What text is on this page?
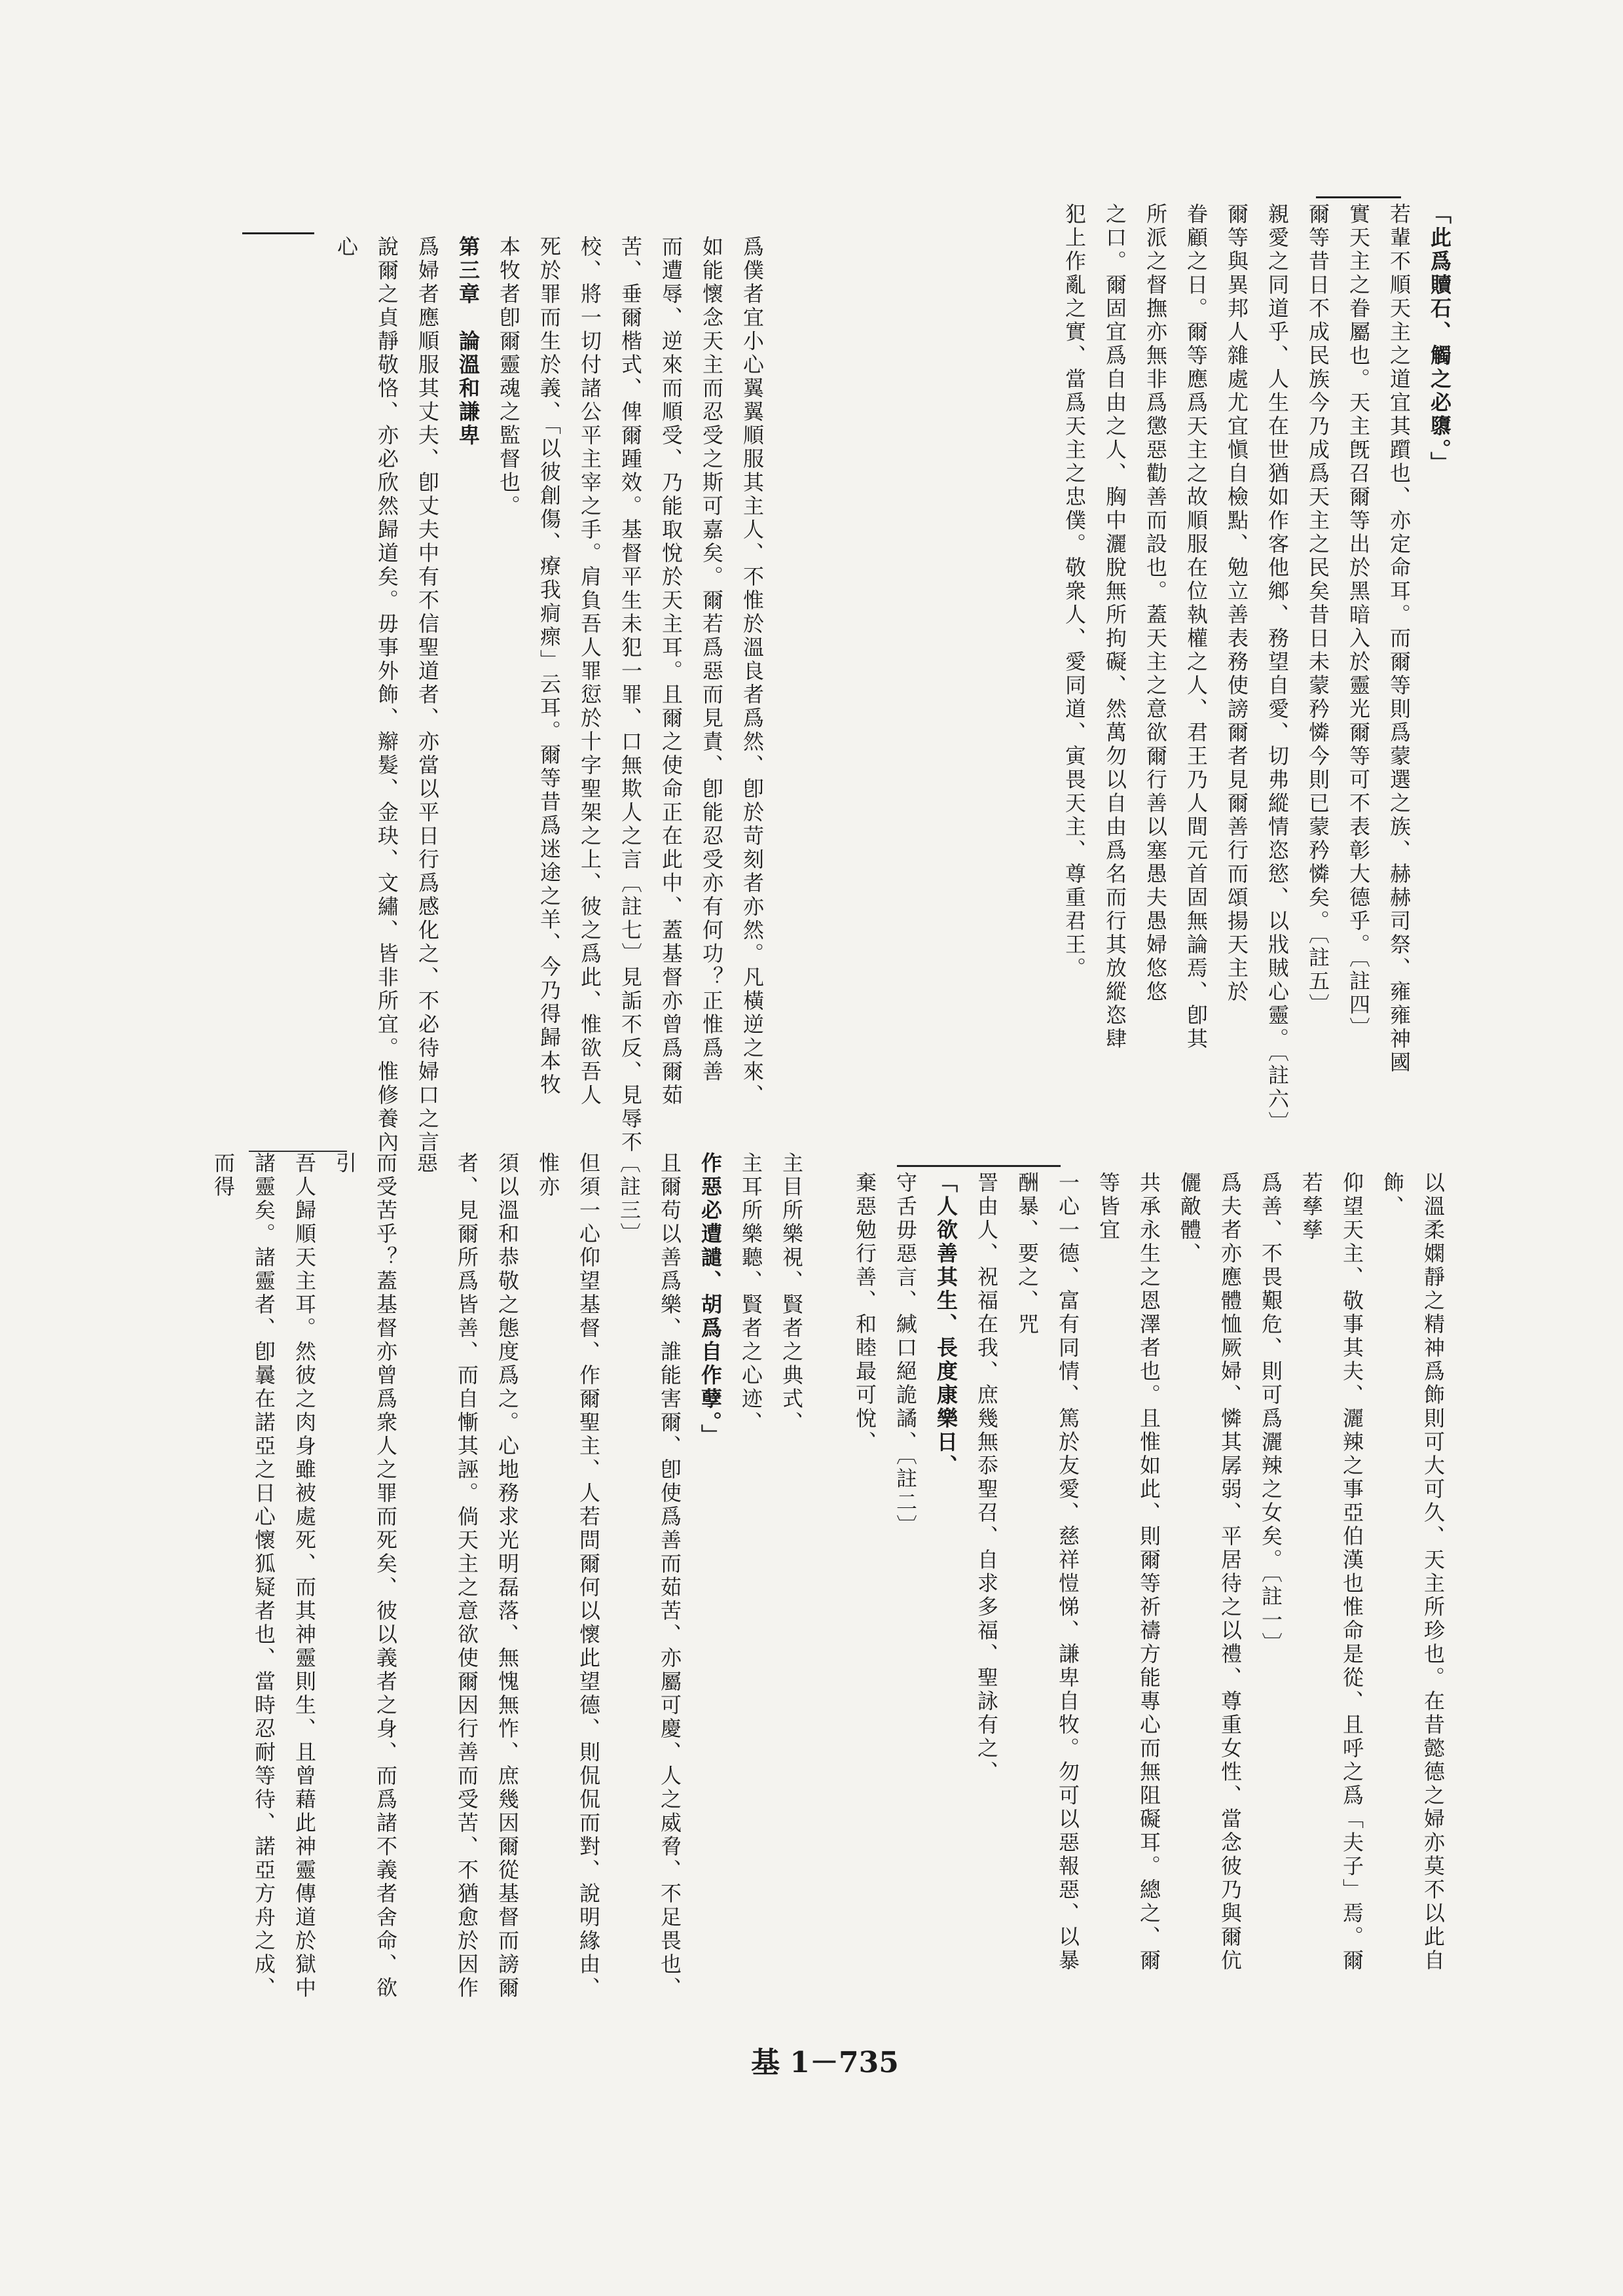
「此爲贖石、觸之必隳。」

若輩不順天主之道宜其躓也、亦定命耳。而爾等則爲蒙選之族、赫赫司祭、雍雍神國

實天主之眷屬也。天主旣召爾等出於黑暗入於靈光爾等可不表彰大德乎。〔註四〕

爾等昔日不成民族今乃成爲天主之民矣昔日未蒙矜憐今則已蒙矜憐矣。〔註五〕

親愛之同道乎、人生在世猶如作客他鄉、務望自愛、切弗縱情恣慾、以戕賊心靈。〔註六〕

爾等與異邦人雜處尤宜愼自檢點、勉立善表務使謗爾者見爾善行而頌揚天主於

眷顧之日。爾等應爲天主之故順服在位執權之人、君王乃人間元首固無論焉、卽其

所派之督撫亦無非爲懲惡勸善而設也。蓋天主之意欲爾行善以塞愚夫愚婦悠悠

之口。爾固宜爲自由之人、胸中灑脫無所拘礙、然萬勿以自由爲名而行其放縱恣肆

犯上作亂之實、當爲天主之忠僕。敬衆人、愛同道、寅畏天主、尊重君王。

爲僕者宜小心翼翼順服其主人、不惟於溫良者爲然、卽於苛刻者亦然。凡橫逆之來、

如能懷念天主而忍受之斯可嘉矣。爾若爲惡而見責、卽能忍受亦有何功？正惟爲善

而遭辱、逆來而順受、乃能取悅於天主耳。且爾之使命正在此中、蓋基督亦曾爲爾茹

苦、垂爾楷式、俾爾踵效。基督平生未犯一罪、口無欺人之言〔註七〕見詬不反、見辱不

校、將一切付諸公平主宰之手。肩負吾人罪愆於十字聖架之上、彼之爲此、惟欲吾人

死於罪而生於義、「以彼創傷、療我痌瘝」云耳。爾等昔爲迷途之羊、今乃得歸本牧

本牧者卽爾靈魂之監督也。

第三章　論溫和謙卑

爲婦者應順服其丈夫、卽丈夫中有不信聖道者、亦當以平日行爲感化之、不必待婦口之言

說爾之貞靜敬恪、亦必欣然歸道矣。毋事外飾、辮髮、金玦、文繡、皆非所宜。惟修養內心

以溫柔嫻靜之精神爲飾則可大可久、天主所珍也。在昔懿德之婦亦莫不以此自飾、

仰望天主、敬事其夫、灑辣之事亞伯漢也惟命是從、且呼之爲「夫子」焉。爾若孳孳

爲善、不畏艱危、則可爲灑辣之女矣。〔註一〕

爲夫者亦應體恤厥婦、憐其孱弱、平居待之以禮、尊重女性、當念彼乃與爾伉儷敵體、

共承永生之恩澤者也。且惟如此、則爾等祈禱方能專心而無阻礙耳。總之、爾等皆宜

一心一德、富有同情、篤於友愛、慈祥愷悌、謙卑自牧。勿可以惡報惡、以暴酬暴、要之、咒

詈由人、祝福在我、庶幾無忝聖召、自求多福、聖詠有之、

「人欲善其生、長度康樂日、

守舌毋惡言、緘口絕詭譎、〔註二〕

棄惡勉行善、和睦最可悅、

主目所樂視、賢者之典式、

主耳所樂聽、賢者之心迹、

作惡必遭譴、胡爲自作孽。」

且爾苟以善爲樂、誰能害爾、卽使爲善而茹苦、亦屬可慶、人之威脅、不足畏也、〔註三〕

但須一心仰望基督、作爾聖主、人若問爾何以懷此望德、則侃侃而對、說明緣由、惟亦

須以溫和恭敬之態度爲之。心地務求光明磊落、無愧無怍、庶幾因爾從基督而謗爾

者、見爾所爲皆善、而自慚其誣。倘天主之意欲使爾因行善而受苦、不猶愈於因作惡

而受苦乎？蓋基督亦曾爲衆人之罪而死矣、彼以義者之身、而爲諸不義者舍命、欲引

吾人歸順天主耳。然彼之肉身雖被處死、而其神靈則生、且曾藉此神靈傳道於獄中

諸靈矣。諸靈者、卽曩在諾亞之日心懷狐疑者也、當時忍耐等待、諾亞方舟之成、而得

基 1－735
